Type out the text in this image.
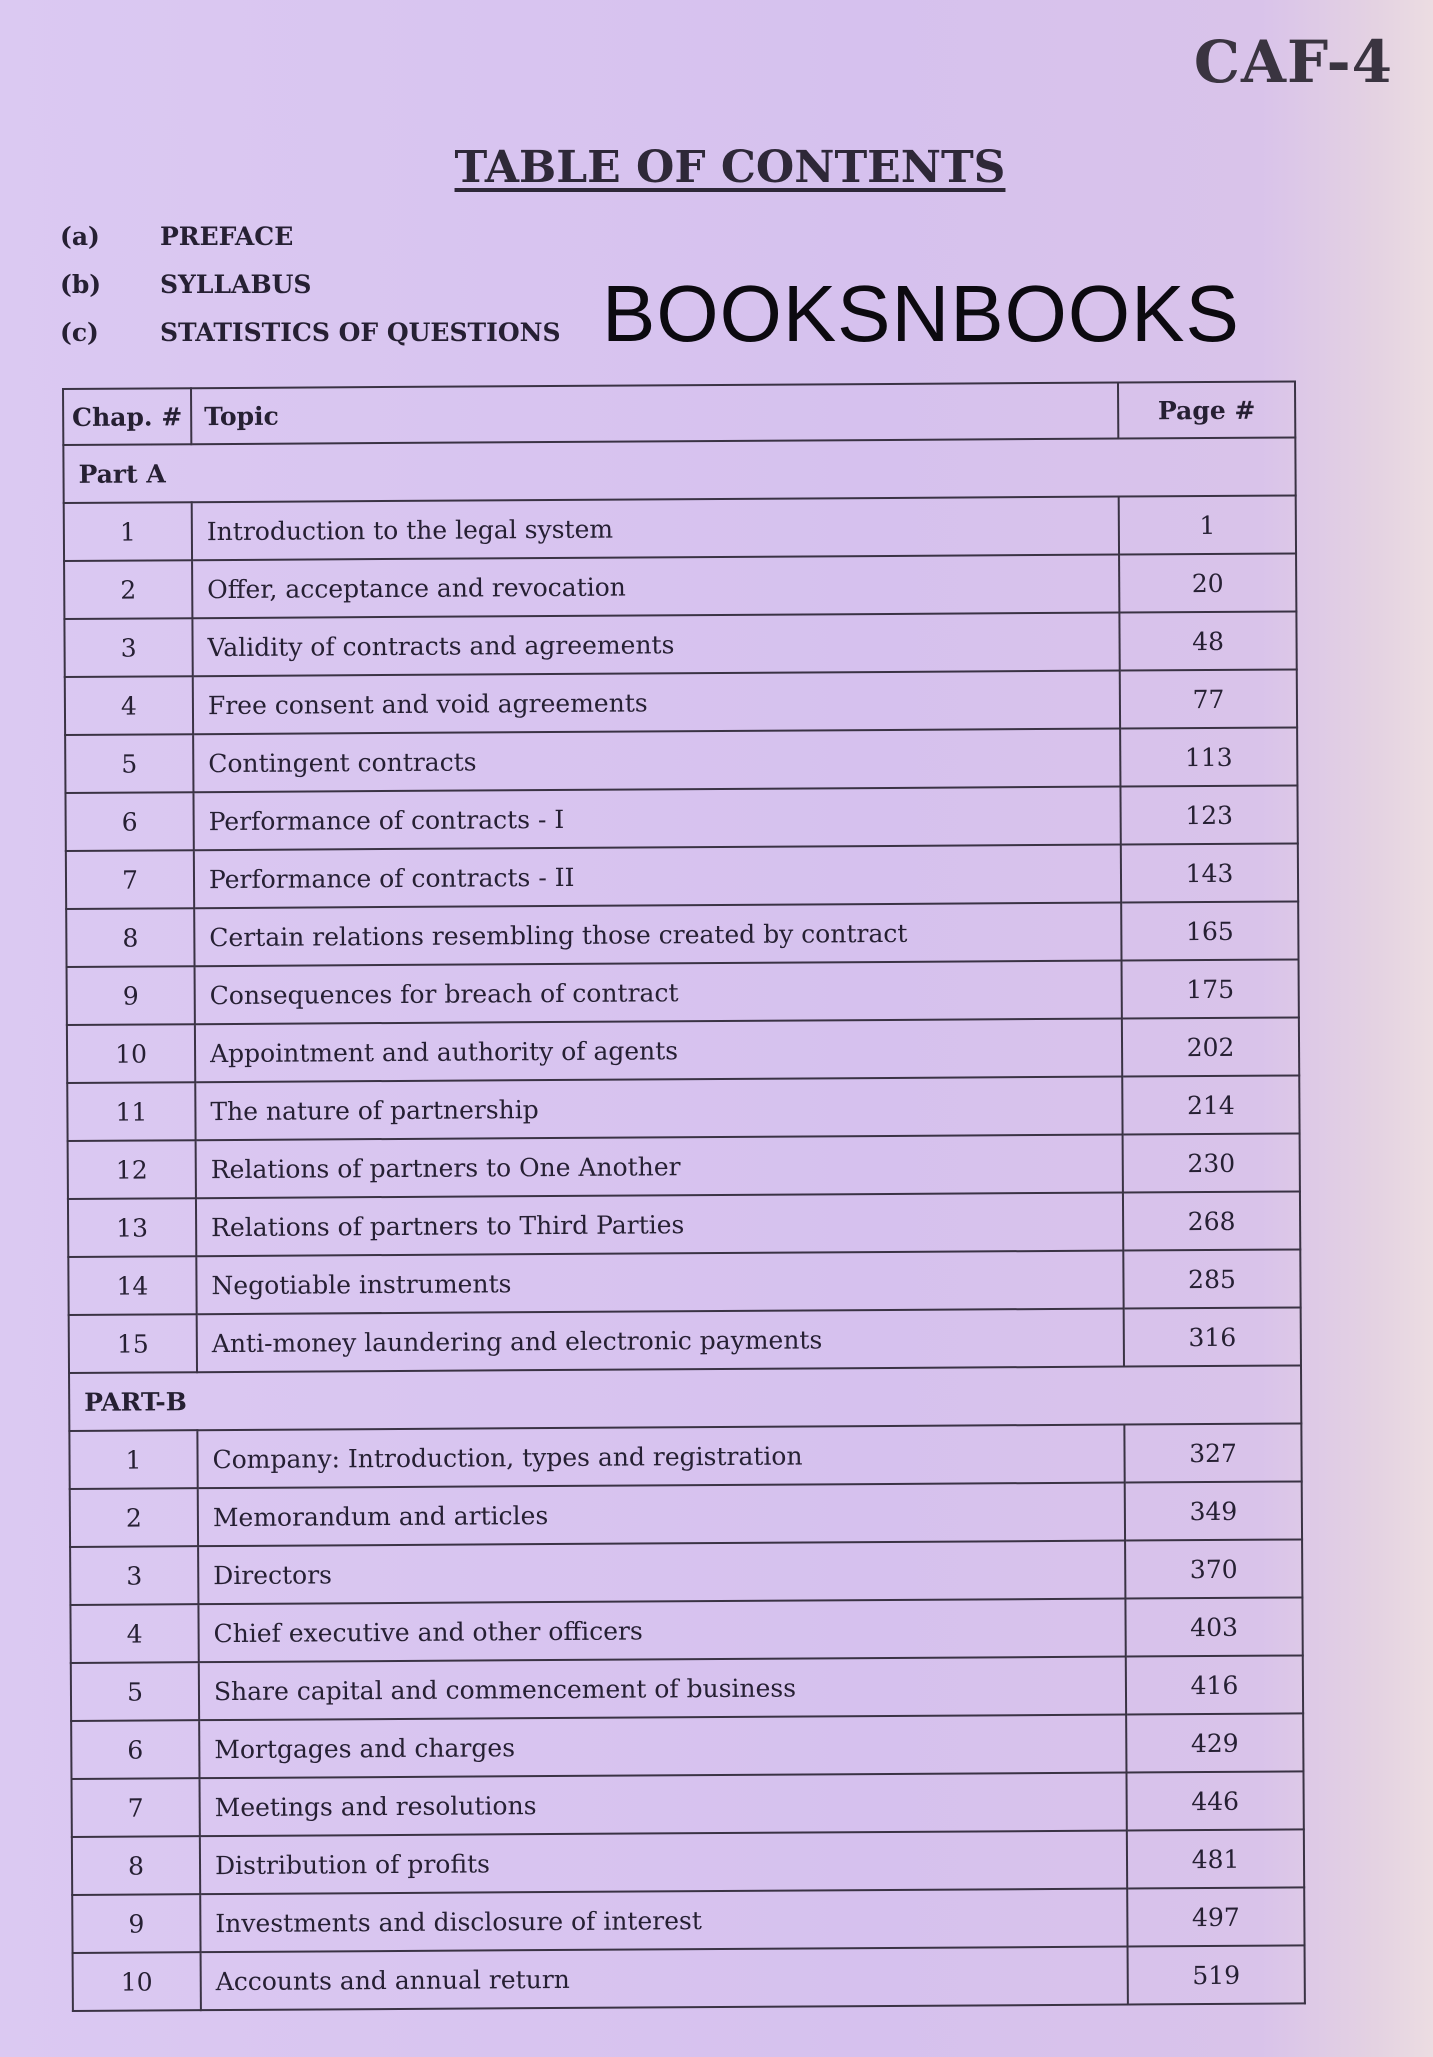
CAF-4
TABLE OF CONTENTS
(a)	PREFACE
(b)	SYLLABUS
(c)	STATISTICS OF QUESTIONS BOOKSNBOOKS
Chap. #	Topic	Page #
Part A		
1	Introduction to the legal system	1
2	Offer, acceptance and revocation	20
3	Validity of contracts and agreements	48
4	Free consent and void agreements	77
5	Contingent contracts	113
6	Performance of contracts - I	123
7	Performance of contracts - II	143
8	Certain relations resembling those created by contract	165
9	Consequences for breach of contract	175
10	Appointment and authority of agents	202
11	The nature of partnership	214
12	Relations of partners to One Another	230
13	Relations of partners to Third Parties	268
14	Negotiable instruments	285
15	Anti-money laundering and electronic payments	316
PART-B		
1	Company: Introduction, types and registration	327
2	Memorandum and articles	349
3	Directors	370
4	Chief executive and other officers	403
5	Share capital and commencement of business	416
6	Mortgages and charges	429
7	Meetings and resolutions	446
8	Distribution of profits	481
9	Investments and disclosure of interest	497
10	Accounts and annual return	519
